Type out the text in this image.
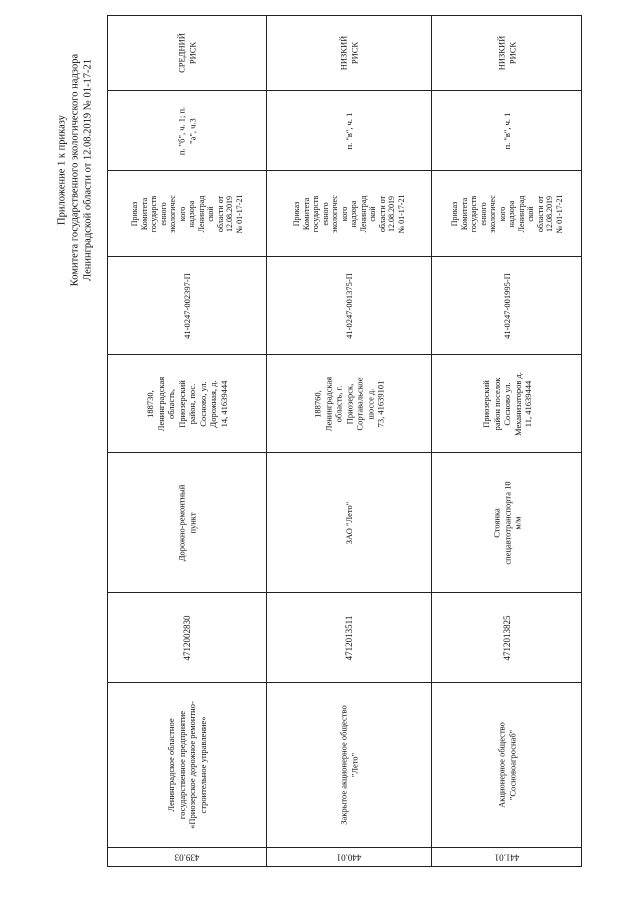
Приложение 1 к приказу Комитета государственного экологического надзора Ленинградской области от 12.08.2019 № 01-17-21
СРЕДНИЙ
РИСК
п. "б", ч. 1; п.
"а", ч.3
Приказ
Комитета
государств
енного
экологичес
кого
надзора
Ленинград
ской
области от
12.08.2019
№ 01-17-21
41-0247-002397-П
188730,
Ленинградская
область,
Приозерский
район, пос.
Сосново, ул.
Дорожная, д.
14, 41639444
Дорожно-ремонтный
пункт
4712002830
Ленинградское областное
государственное предприятие
«Приозерское дорожное ремонтно-
строительное управление»
439.03
НИЗКИЙ
РИСК
п. "в", ч. 1
Приказ
Комитета
государств
енного
экологичес
кого
надзора
Ленинград
ской
области от
12.08.2019
№ 01-17-21
41-0247-001375-П
188760,
Ленинградская
область, г.
Приозерск,
Сортавальское
шоссе д.
73, 41639101
ЗАО "Лето"
4712013511
Закрытое акционерное общество
"Лето"
440.01
НИЗКИЙ
РИСК
п. "в", ч. 1
Приказ
Комитета
государств
енного
экологичес
кого
надзора
Ленинград
ской
области от
12.08.2019
№ 01-17-21
41-0247-001995-П
Приозерский
район поселок
Сосново ул.
Механизаторов д.
11, 41639444
Стоянка
спецавтотранспорта 10
м/м
4712013825
Акционерное общество
"Сосновоагроснаб"
441.01
